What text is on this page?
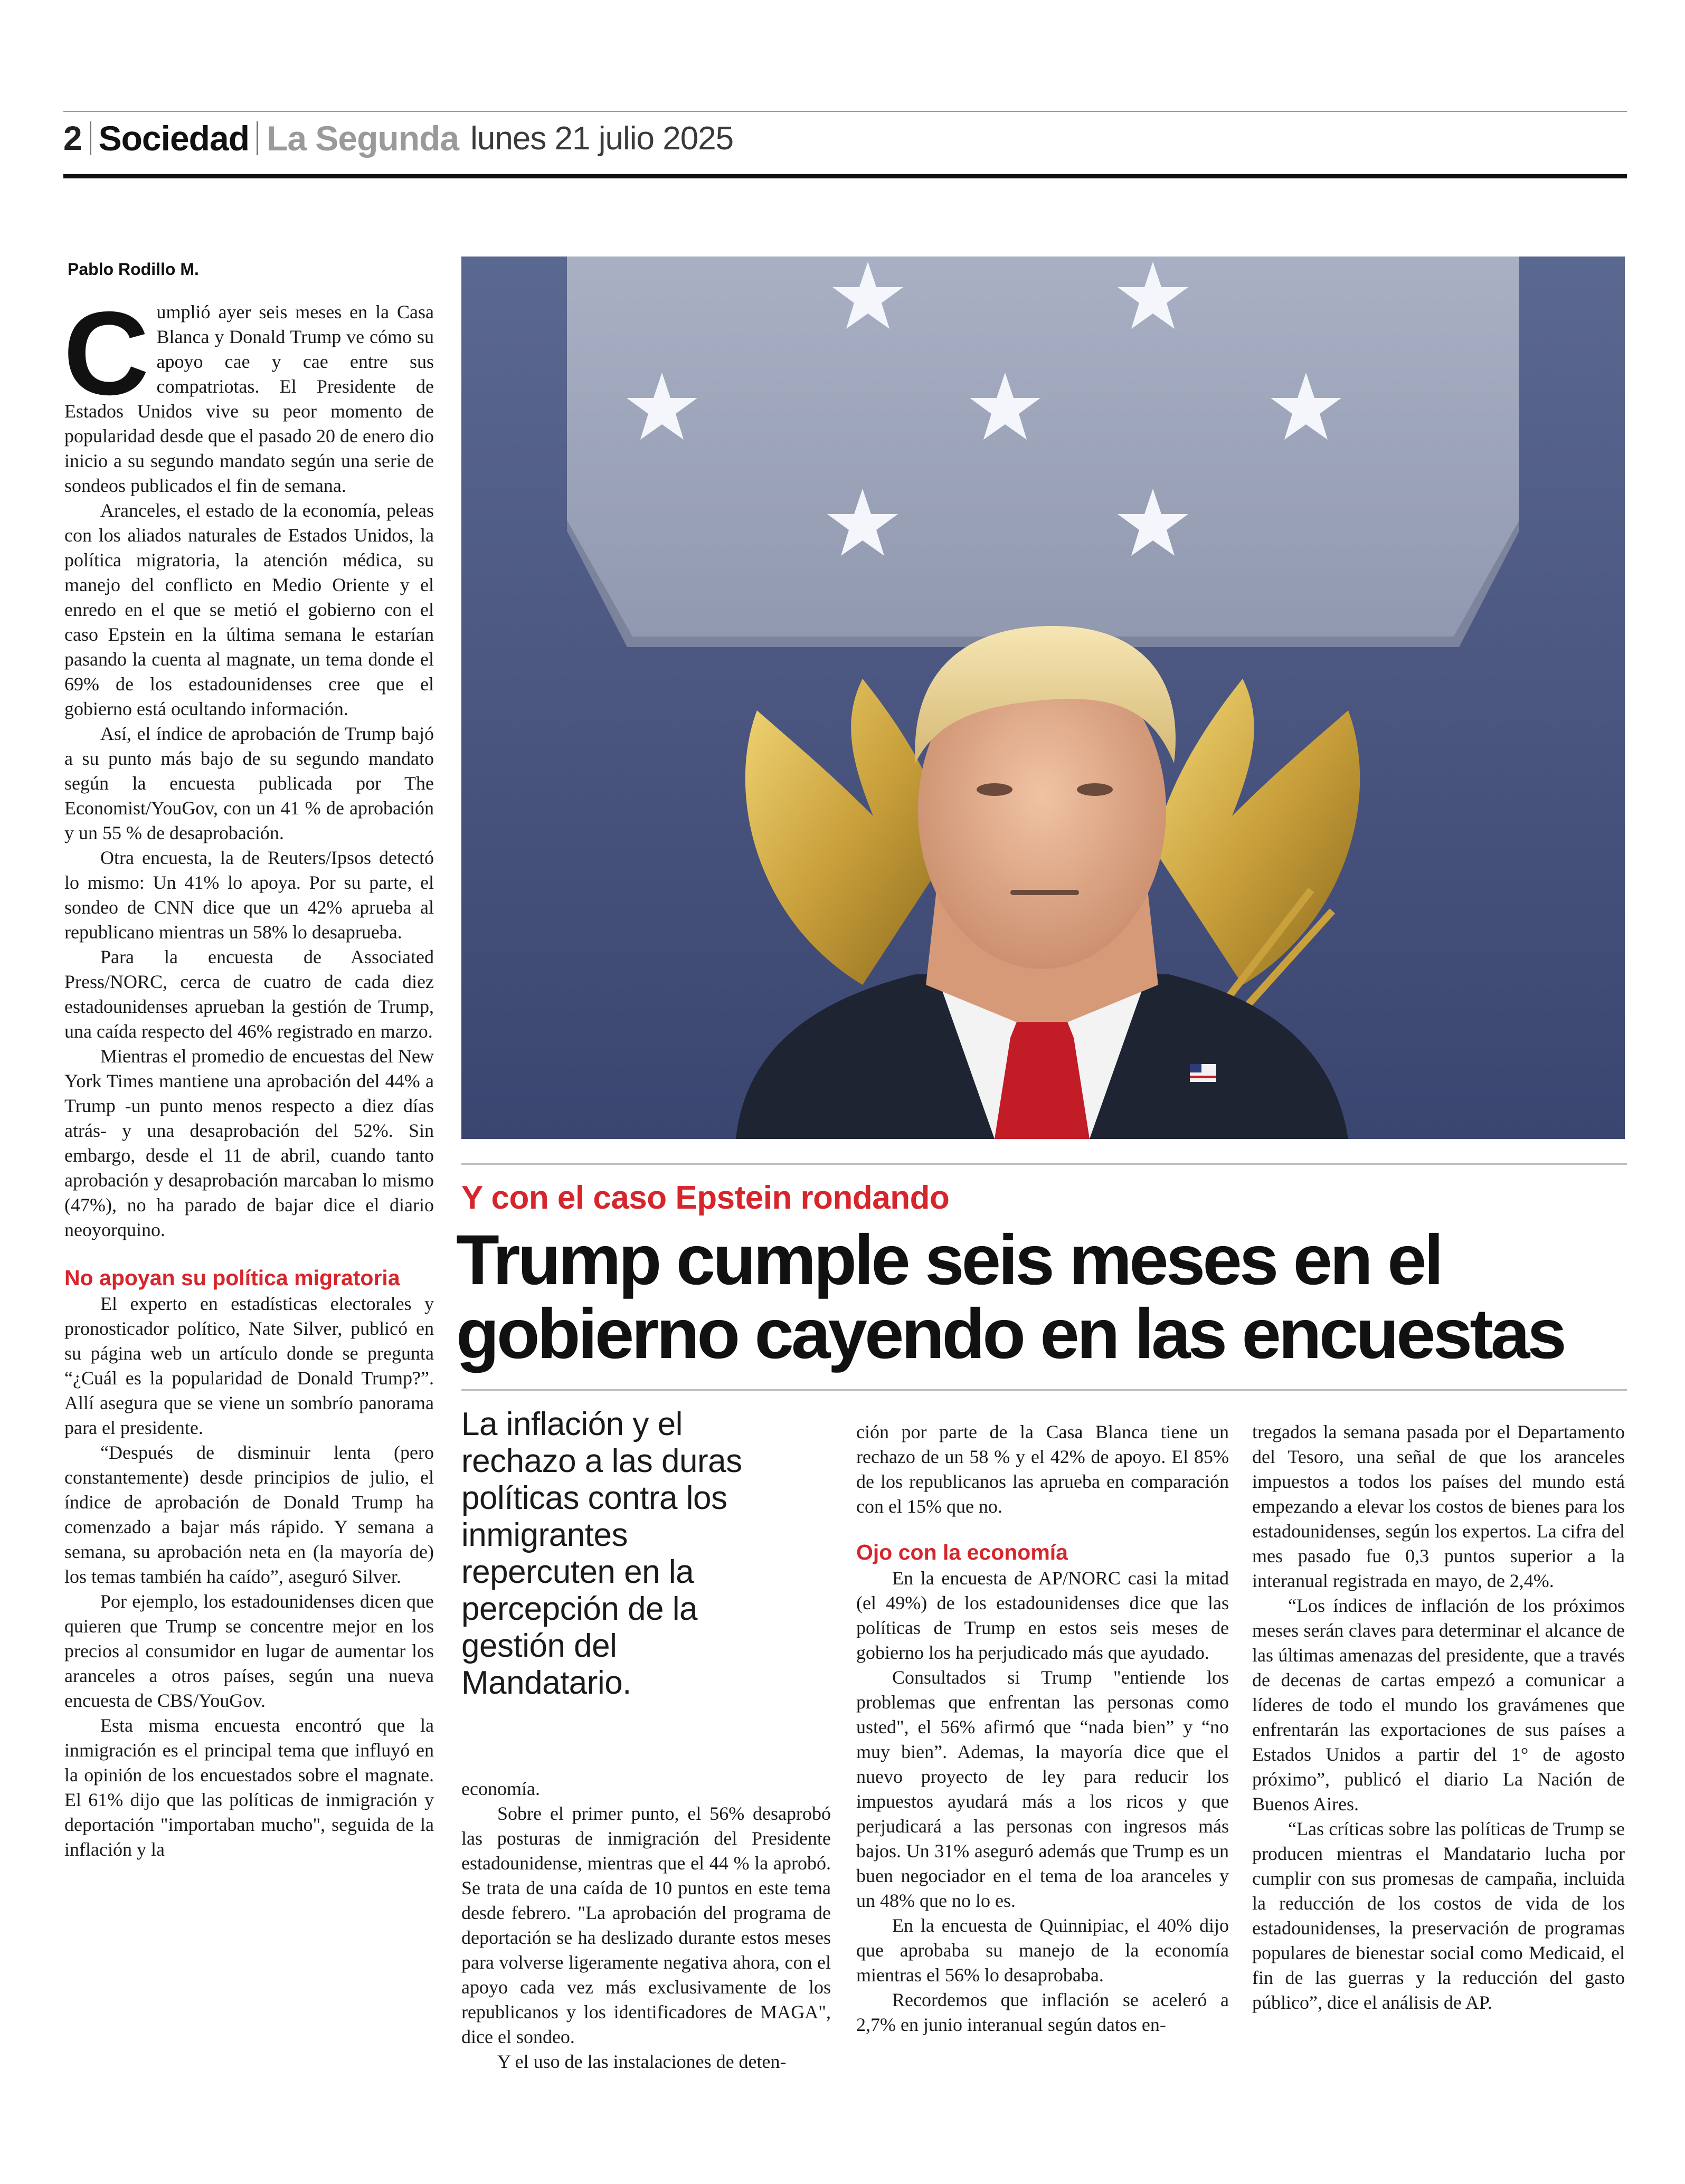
2 Sociedad La Segunda lunes 21 julio 2025
Pablo Rodillo M.

Cumplió ayer seis meses en la Casa Blanca y Donald Trump ve cómo su apoyo cae y cae entre sus compatriotas. El Presidente de Estados Unidos vive su peor momento de popularidad desde que el pasado 20 de enero dio inicio a su segundo mandato según una serie de sondeos publicados el fin de semana.

Aranceles, el estado de la economía, peleas con los aliados naturales de Estados Unidos, la política migratoria, la atención médica, su manejo del conflicto en Medio Oriente y el enredo en el que se metió el gobierno con el caso Epstein en la última semana le estarían pasando la cuenta al magnate, un tema donde el 69% de los estadounidenses cree que el gobierno está ocultando información.

Así, el índice de aprobación de Trump bajó a su punto más bajo de su segundo mandato según la encuesta publicada por The Economist/YouGov, con un 41 % de aprobación y un 55 % de desaprobación.

Otra encuesta, la de Reuters/Ipsos detectó lo mismo: Un 41% lo apoya. Por su parte, el sondeo de CNN dice que un 42% aprueba al republicano mientras un 58% lo desaprueba.

Para la encuesta de Associated Press/NORC, cerca de cuatro de cada diez estadounidenses aprueban la gestión de Trump, una caída respecto del 46% registrado en marzo.

Mientras el promedio de encuestas del New York Times mantiene una aprobación del 44% a Trump -un punto menos respecto a diez días atrás- y una desaprobación del 52%. Sin embargo, desde el 11 de abril, cuando tanto aprobación y desaprobación marcaban lo mismo (47%), no ha parado de bajar dice el diario neoyorquino.

No apoyan su política migratoria

El experto en estadísticas electorales y pronosticador político, Nate Silver, publicó en su página web un artículo donde se pregunta “¿Cuál es la popularidad de Donald Trump?”. Allí asegura que se viene un sombrío panorama para el presidente.

“Después de disminuir lenta (pero constantemente) desde principios de julio, el índice de aprobación de Donald Trump ha comenzado a bajar más rápido. Y semana a semana, su aprobación neta en (la mayoría de) los temas también ha caído”, aseguró Silver.

Por ejemplo, los estadounidenses dicen que quieren que Trump se concentre mejor en los precios al consumidor en lugar de aumentar los aranceles a otros países, según una nueva encuesta de CBS/YouGov.

Esta misma encuesta encontró que la inmigración es el principal tema que influyó en la opinión de los encuestados sobre el magnate. El 61% dijo que las políticas de inmigración y deportación "importaban mucho", seguida de la inflación y la

Y con el caso Epstein rondando
Trump cumple seis meses en el gobierno cayendo en las encuestas
La inflación y el rechazo a las duras políticas contra los inmigrantes repercuten en la percepción de la gestión del Mandatario.

economía.

Sobre el primer punto, el 56% desaprobó las posturas de inmigración del Presidente estadounidense, mientras que el 44 % la aprobó. Se trata de una caída de 10 puntos en este tema desde febrero. "La aprobación del programa de deportación se ha deslizado durante estos meses para volverse ligeramente negativa ahora, con el apoyo cada vez más exclusivamente de los republicanos y los identificadores de MAGA", dice el sondeo.

Y el uso de las instalaciones de deten-

ción por parte de la Casa Blanca tiene un rechazo de un 58 % y el 42% de apoyo. El 85% de los republicanos las aprueba en comparación con el 15% que no.

Ojo con la economía

En la encuesta de AP/NORC casi la mitad (el 49%) de los estadounidenses dice que las políticas de Trump en estos seis meses de gobierno los ha perjudicado más que ayudado.

Consultados si Trump "entiende los problemas que enfrentan las personas como usted", el 56% afirmó que “nada bien” y “no muy bien”. Ademas, la mayoría dice que el nuevo proyecto de ley para reducir los impuestos ayudará más a los ricos y que perjudicará a las personas con ingresos más bajos. Un 31% aseguró además que Trump es un buen negociador en el tema de loa aranceles y un 48% que no lo es.

En la encuesta de Quinnipiac, el 40% dijo que aprobaba su manejo de la economía mientras el 56% lo desaprobaba.

Recordemos que inflación se aceleró a 2,7% en junio interanual según datos en-

tregados la semana pasada por el Departamento del Tesoro, una señal de que los aranceles impuestos a todos los países del mundo está empezando a elevar los costos de bienes para los estadounidenses, según los expertos. La cifra del mes pasado fue 0,3 puntos superior a la interanual registrada en mayo, de 2,4%.

“Los índices de inflación de los próximos meses serán claves para determinar el alcance de las últimas amenazas del presidente, que a través de decenas de cartas empezó a comunicar a líderes de todo el mundo los gravámenes que enfrentarán las exportaciones de sus países a Estados Unidos a partir del 1° de agosto próximo”, publicó el diario La Nación de Buenos Aires.

“Las críticas sobre las políticas de Trump se producen mientras el Mandatario lucha por cumplir con sus promesas de campaña, incluida la reducción de los costos de vida de los estadounidenses, la preservación de programas populares de bienestar social como Medicaid, el fin de las guerras y la reducción del gasto público”, dice el análisis de AP.
